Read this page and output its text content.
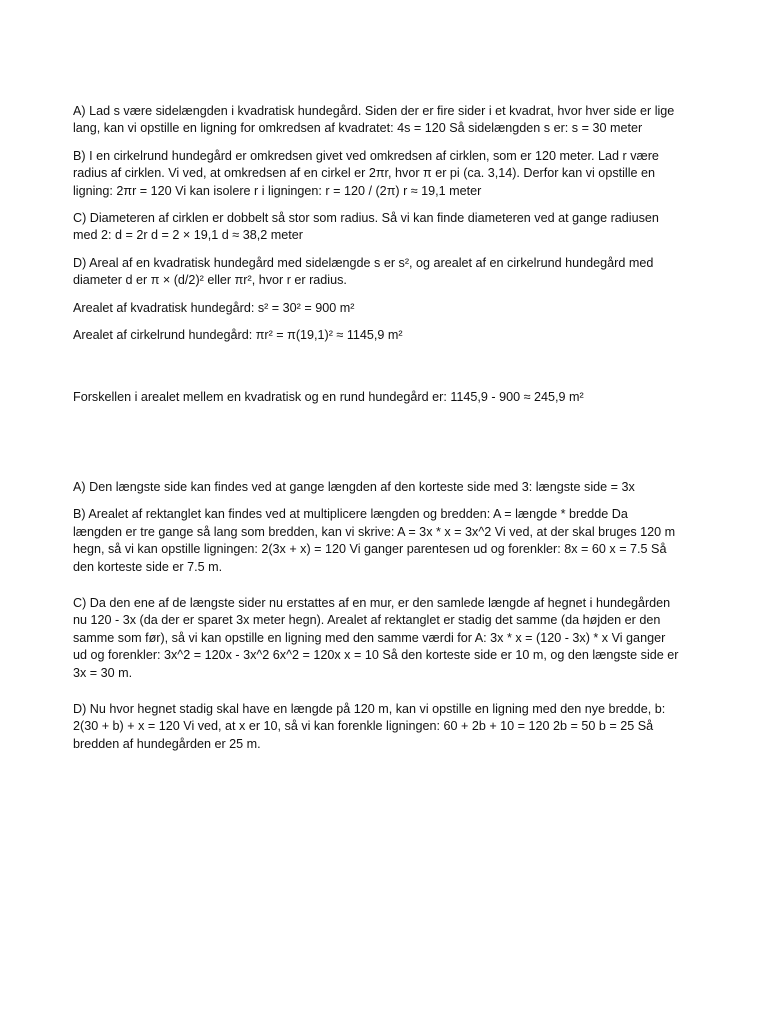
A) Lad s være sidelængden i kvadratisk hundegård. Siden der er fire sider i et kvadrat, hvor hver side er lige
lang, kan vi opstille en ligning for omkredsen af kvadratet: 4s = 120 Så sidelængden s er: s = 30 meter

B) I en cirkelrund hundegård er omkredsen givet ved omkredsen af cirklen, som er 120 meter. Lad r være
radius af cirklen. Vi ved, at omkredsen af en cirkel er 2πr, hvor π er pi (ca. 3,14). Derfor kan vi opstille en
ligning: 2πr = 120 Vi kan isolere r i ligningen: r = 120 / (2π) r ≈ 19,1 meter

C) Diameteren af cirklen er dobbelt så stor som radius. Så vi kan finde diameteren ved at gange radiusen
med 2: d = 2r d = 2 × 19,1 d ≈ 38,2 meter

D) Areal af en kvadratisk hundegård med sidelængde s er s², og arealet af en cirkelrund hundegård med
diameter d er π × (d/2)² eller πr², hvor r er radius.

Arealet af kvadratisk hundegård: s² = 30² = 900 m²

Arealet af cirkelrund hundegård: πr² = π(19,1)² ≈ 1145,9 m²

Forskellen i arealet mellem en kvadratisk og en rund hundegård er: 1145,9 - 900 ≈ 245,9 m²

A) Den længste side kan findes ved at gange længden af den korteste side med 3: længste side = 3x

B) Arealet af rektanglet kan findes ved at multiplicere længden og bredden: A = længde * bredde Da
længden er tre gange så lang som bredden, kan vi skrive: A = 3x * x = 3x^2 Vi ved, at der skal bruges 120 m
hegn, så vi kan opstille ligningen: 2(3x + x) = 120 Vi ganger parentesen ud og forenkler: 8x = 60 x = 7.5 Så
den korteste side er 7.5 m.

C) Da den ene af de længste sider nu erstattes af en mur, er den samlede længde af hegnet i hundegården
nu 120 - 3x (da der er sparet 3x meter hegn). Arealet af rektanglet er stadig det samme (da højden er den
samme som før), så vi kan opstille en ligning med den samme værdi for A: 3x * x = (120 - 3x) * x Vi ganger
ud og forenkler: 3x^2 = 120x - 3x^2 6x^2 = 120x x = 10 Så den korteste side er 10 m, og den længste side er
3x = 30 m.

D) Nu hvor hegnet stadig skal have en længde på 120 m, kan vi opstille en ligning med den nye bredde, b:
2(30 + b) + x = 120 Vi ved, at x er 10, så vi kan forenkle ligningen: 60 + 2b + 10 = 120 2b = 50 b = 25 Så
bredden af hundegården er 25 m.
